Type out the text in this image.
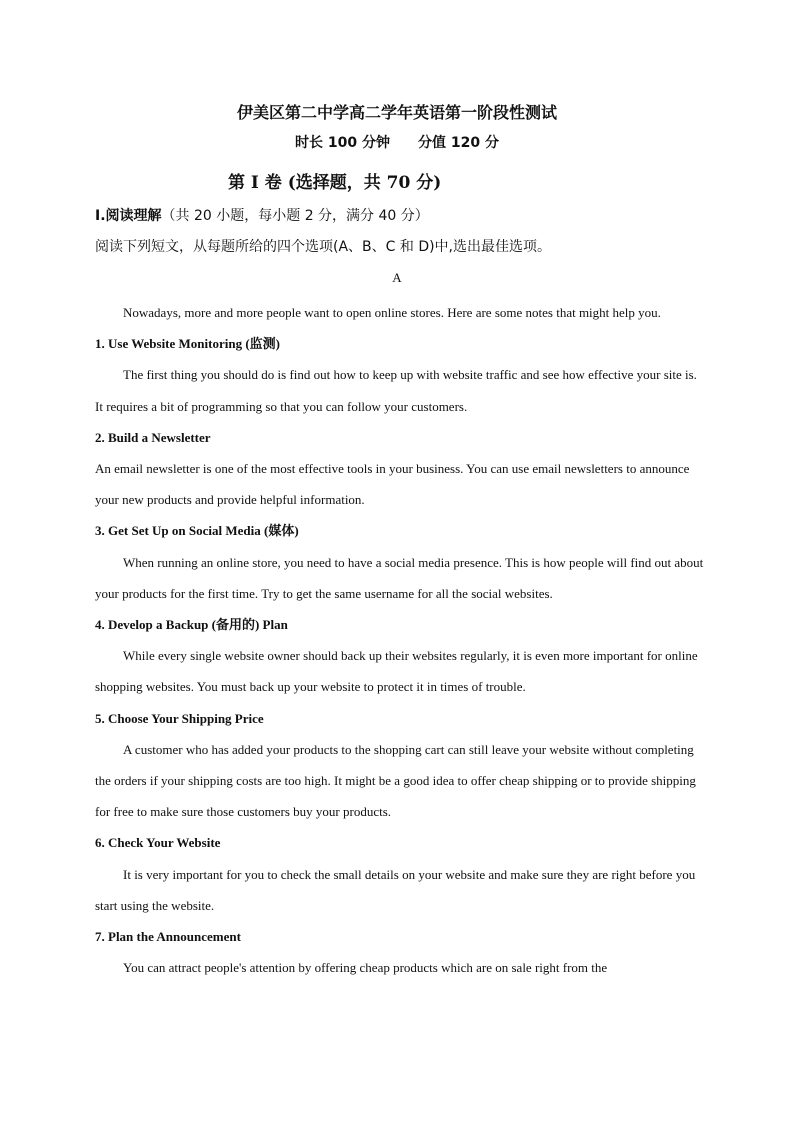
伊美区第二中学高二学年英语第一阶段性测试
时长 100 分钟 分值 120 分
第 I 卷 (选择题，共 70 分)
I.阅读理解（共 20 小题，每小题 2 分，满分 40 分）
阅读下列短文，从每题所给的四个选项(A、B、C 和 D)中,选出最佳选项。
A

Nowadays, more and more people want to open online stores. Here are some notes that might help you.

1. Use Website Monitoring (监测)

The first thing you should do is find out how to keep up with website traffic and see how effective your site is. It requires a bit of programming so that you can follow your customers.

2. Build a Newsletter

An email newsletter is one of the most effective tools in your business. You can use email newsletters to announce your new products and provide helpful information.

3. Get Set Up on Social Media (媒体)

When running an online store, you need to have a social media presence. This is how people will find out about your products for the first time. Try to get the same username for all the social websites.

4. Develop a Backup (备用的) Plan

While every single website owner should back up their websites regularly, it is even more important for online shopping websites. You must back up your website to protect it in times of trouble.

5. Choose Your Shipping Price

A customer who has added your products to the shopping cart can still leave your website without completing the orders if your shipping costs are too high. It might be a good idea to offer cheap shipping or to provide shipping for free to make sure those customers buy your products.

6. Check Your Website

It is very important for you to check the small details on your website and make sure they are right before you start using the website.

7. Plan the Announcement

You can attract people's attention by offering cheap products which are on sale right from the
